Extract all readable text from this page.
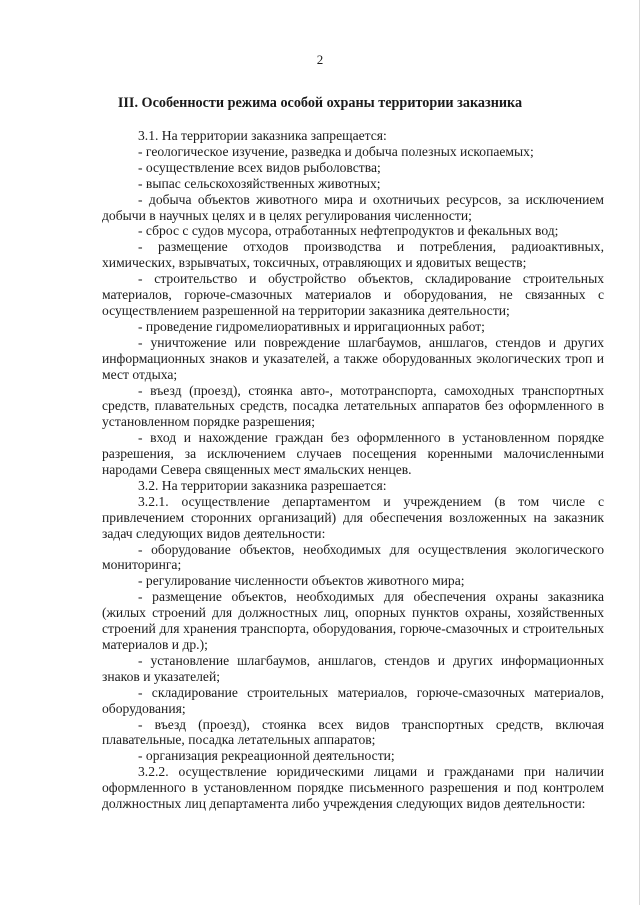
2
III. Особенности режима особой охраны территории заказника

3.1. На территории заказника запрещается:

- геологическое изучение, разведка и добыча полезных ископаемых;

- осуществление всех видов рыболовства;

- выпас сельскохозяйственных животных;

- добыча объектов животного мира и охотничьих ресурсов, за исключением добычи в научных целях и в целях регулирования численности;

- сброс с судов мусора, отработанных нефтепродуктов и фекальных вод;

- размещение отходов производства и потребления, радиоактивных, химических, взрывчатых, токсичных, отравляющих и ядовитых веществ;

- строительство и обустройство объектов, складирование строительных материалов, горюче-смазочных материалов и оборудования, не связанных с осуществлением разрешенной на территории заказника деятельности;

- проведение гидромелиоративных и ирригационных работ;

- уничтожение или повреждение шлагбаумов, аншлагов, стендов и других информационных знаков и указателей, а также оборудованных экологических троп и мест отдыха;

- въезд (проезд), стоянка авто-, мототранспорта, самоходных транспортных средств, плавательных средств, посадка летательных аппаратов без оформленного в установленном порядке разрешения;

- вход и нахождение граждан без оформленного в установленном порядке разрешения, за исключением случаев посещения коренными малочисленными народами Севера священных мест ямальских ненцев.

3.2. На территории заказника разрешается:

3.2.1. осуществление департаментом и учреждением (в том числе с привлечением сторонних организаций) для обеспечения возложенных на заказник задач следующих видов деятельности:

- оборудование объектов, необходимых для осуществления экологического мониторинга;

- регулирование численности объектов животного мира;

- размещение объектов, необходимых для обеспечения охраны заказника (жилых строений для должностных лиц, опорных пунктов охраны, хозяйственных строений для хранения транспорта, оборудования, горюче-смазочных и строительных материалов и др.);

- установление шлагбаумов, аншлагов, стендов и других информационных знаков и указателей;

- складирование строительных материалов, горюче-смазочных материалов, оборудования;

- въезд (проезд), стоянка всех видов транспортных средств, включая плавательные, посадка летательных аппаратов;

- организация рекреационной деятельности;

3.2.2. осуществление юридическими лицами и гражданами при наличии оформленного в установленном порядке письменного разрешения и под контролем должностных лиц департамента либо учреждения следующих видов деятельности:
